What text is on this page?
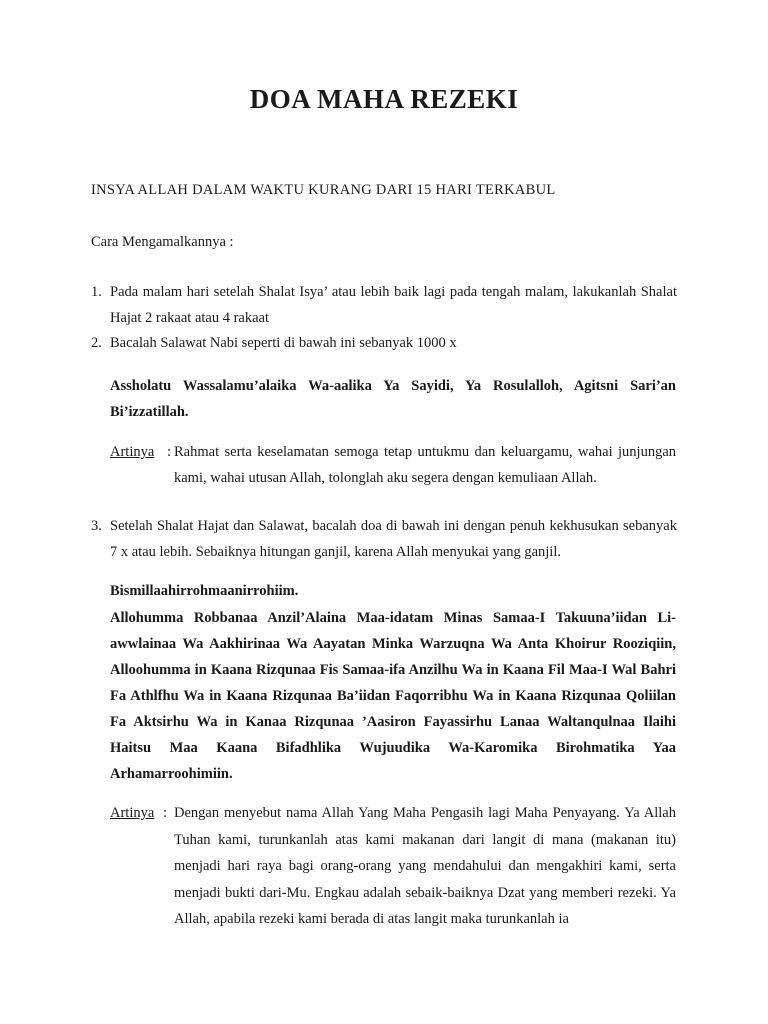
DOA MAHA REZEKI
INSYA ALLAH DALAM WAKTU KURANG DARI 15 HARI TERKABUL
Cara Mengamalkannya :
1. Pada malam hari setelah Shalat Isya’ atau lebih baik lagi pada tengah malam, lakukanlah Shalat Hajat 2 rakaat atau 4 rakaat
2. Bacalah Salawat Nabi seperti di bawah ini sebanyak 1000 x
Assholatu Wassalamu’alaika Wa-aalika Ya Sayidi, Ya Rosulalloh, Agitsni Sari’an Bi’izzatillah.
Artinya : Rahmat serta keselamatan semoga tetap untukmu dan keluargamu, wahai junjungan kami, wahai utusan Allah, tolonglah aku segera dengan kemuliaan Allah.
3. Setelah Shalat Hajat dan Salawat, bacalah doa di bawah ini dengan penuh kekhusukan sebanyak 7 x atau lebih. Sebaiknya hitungan ganjil, karena Allah menyukai yang ganjil.
Bismillaahirrohmaanirrohiim.
Allohumma Robbanaa Anzil’Alaina Maa-idatam Minas Samaa-I Takuuna’iidan Li-awwlainaa Wa Aakhirinaa Wa Aayatan Minka Warzuqna Wa Anta Khoirur Rooziqiin, Alloohumma in Kaana Rizqunaa Fis Samaa-ifa Anzilhu Wa in Kaana Fil Maa-I Wal Bahri Fa Athlfhu Wa in Kaana Rizqunaa Ba’iidan Faqorribhu Wa in Kaana Rizqunaa Qoliilan Fa Aktsirhu Wa in Kanaa Rizqunaa ’Aasiron Fayassirhu Lanaa Waltanqulnaa Ilaihi Haitsu Maa Kaana Bifadhlika Wujuudika Wa-Karomika Birohmatika Yaa Arhamarroohimiin.
Artinya : Dengan menyebut nama Allah Yang Maha Pengasih lagi Maha Penyayang. Ya Allah Tuhan kami, turunkanlah atas kami makanan dari langit di mana (makanan itu) menjadi hari raya bagi orang-orang yang mendahului dan mengakhiri kami, serta menjadi bukti dari-Mu. Engkau adalah sebaik-baiknya Dzat yang memberi rezeki. Ya Allah, apabila rezeki kami berada di atas langit maka turunkanlah ia
